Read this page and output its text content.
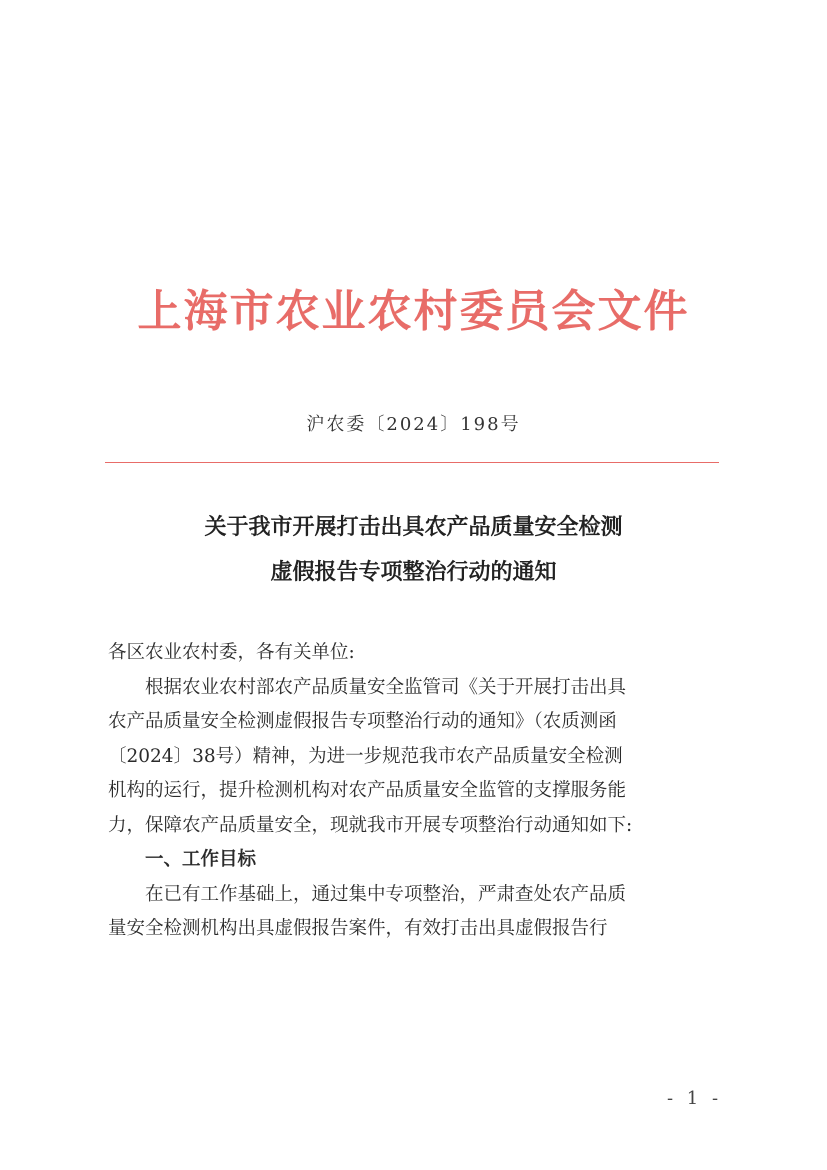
上海市农业农村委员会文件
沪农委〔2024〕198号
关于我市开展打击出具农产品质量安全检测
虚假报告专项整治行动的通知
各区农业农村委，各有关单位:
根据农业农村部农产品质量安全监管司《关于开展打击出具
农产品质量安全检测虚假报告专项整治行动的通知》（农质测函
〔2024〕38号）精神，为进一步规范我市农产品质量安全检测
机构的运行，提升检测机构对农产品质量安全监管的支撑服务能
力，保障农产品质量安全，现就我市开展专项整治行动通知如下:
一、工作目标
在已有工作基础上，通过集中专项整治，严肃查处农产品质
量安全检测机构出具虚假报告案件，有效打击出具虚假报告行
- 1 -
